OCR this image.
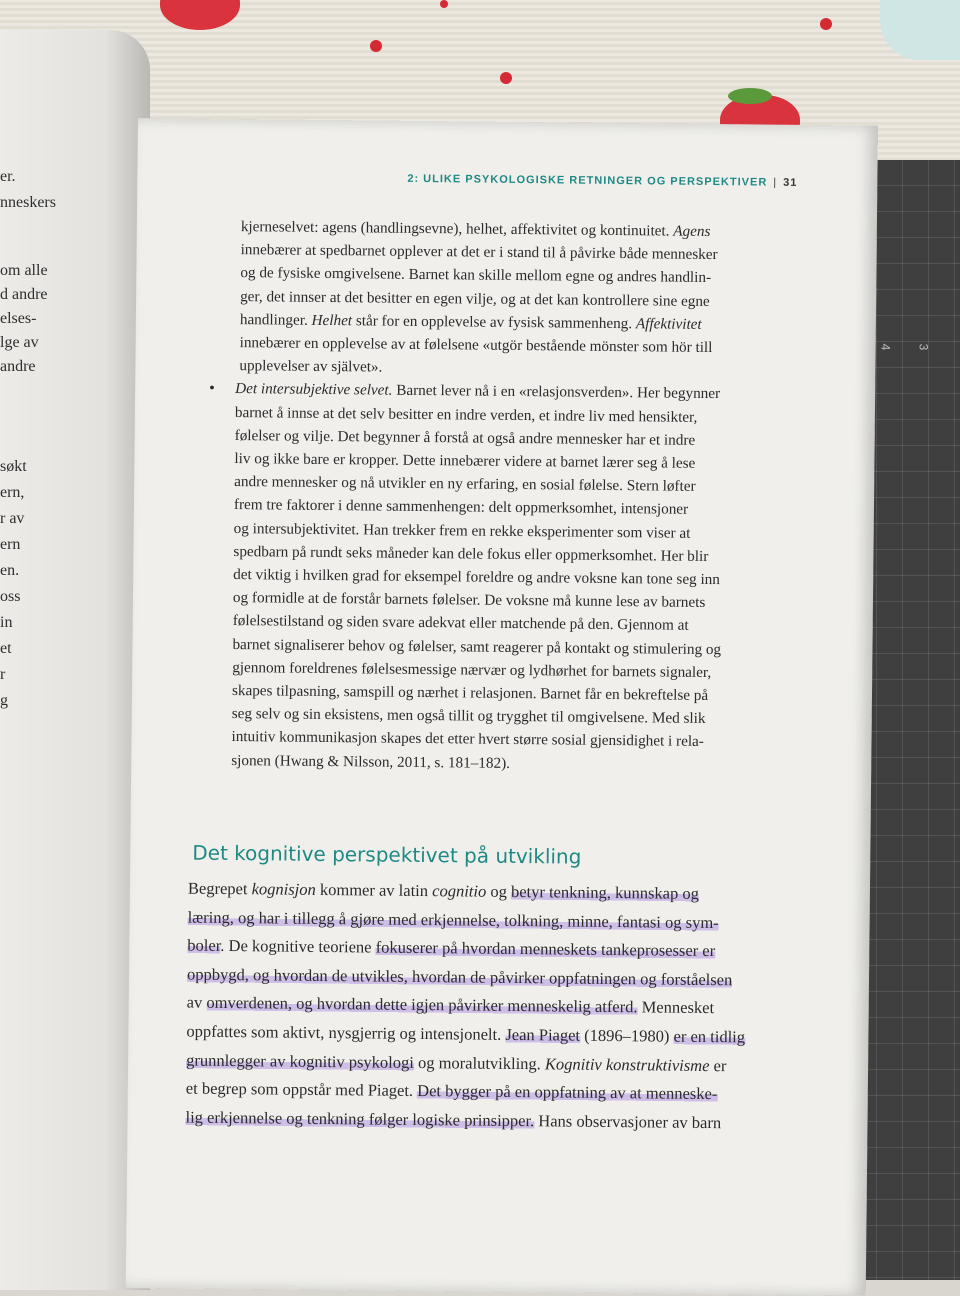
4 3
er.
nneskers
om alle
d andre
elses-
lge av
andre
søkt
ern,
r av
ern
en.
oss
in
et
r
g
2: ULIKE PSYKOLOGISKE RETNINGER OG PERSPEKTIVER | 31
kjerneselvet: agens (handlingsevne), helhet, affektivitet og kontinuitet. Agens
innebærer at spedbarnet opplever at det er i stand til å påvirke både mennesker
og de fysiske omgivelsene. Barnet kan skille mellom egne og andres handlin-
ger, det innser at det besitter en egen vilje, og at det kan kontrollere sine egne
handlinger. Helhet står for en opplevelse av fysisk sammenheng. Affektivitet
innebærer en opplevelse av at følelsene «utgör bestående mönster som hör till
upplevelser av självet».
• Det intersubjektive selvet. Barnet lever nå i en «relasjonsverden». Her begynner
barnet å innse at det selv besitter en indre verden, et indre liv med hensikter,
følelser og vilje. Det begynner å forstå at også andre mennesker har et indre
liv og ikke bare er kropper. Dette innebærer videre at barnet lærer seg å lese
andre mennesker og nå utvikler en ny erfaring, en sosial følelse. Stern løfter
frem tre faktorer i denne sammenhengen: delt oppmerksomhet, intensjoner
og intersubjektivitet. Han trekker frem en rekke eksperimenter som viser at
spedbarn på rundt seks måneder kan dele fokus eller oppmerksomhet. Her blir
det viktig i hvilken grad for eksempel foreldre og andre voksne kan tone seg inn
og formidle at de forstår barnets følelser. De voksne må kunne lese av barnets
følelsestilstand og siden svare adekvat eller matchende på den. Gjennom at
barnet signaliserer behov og følelser, samt reagerer på kontakt og stimulering og
gjennom foreldrenes følelsesmessige nærvær og lydhørhet for barnets signaler,
skapes tilpasning, samspill og nærhet i relasjonen. Barnet får en bekreftelse på
seg selv og sin eksistens, men også tillit og trygghet til omgivelsene. Med slik
intuitiv kommunikasjon skapes det etter hvert større sosial gjensidighet i rela-
sjonen (Hwang & Nilsson, 2011, s. 181–182).
Det kognitive perspektivet på utvikling
Begrepet kognisjon kommer av latin cognitio og betyr tenkning, kunnskap og
læring, og har i tillegg å gjøre med erkjennelse, tolkning, minne, fantasi og sym-
boler. De kognitive teoriene fokuserer på hvordan menneskets tankeprosesser er
oppbygd, og hvordan de utvikles, hvordan de påvirker oppfatningen og forståelsen
av omverdenen, og hvordan dette igjen påvirker menneskelig atferd. Mennesket
oppfattes som aktivt, nysgjerrig og intensjonelt. Jean Piaget (1896–1980) er en tidlig
grunnlegger av kognitiv psykologi og moralutvikling. Kognitiv konstruktivisme er
et begrep som oppstår med Piaget. Det bygger på en oppfatning av at menneske-
lig erkjennelse og tenkning følger logiske prinsipper. Hans observasjoner av barn
